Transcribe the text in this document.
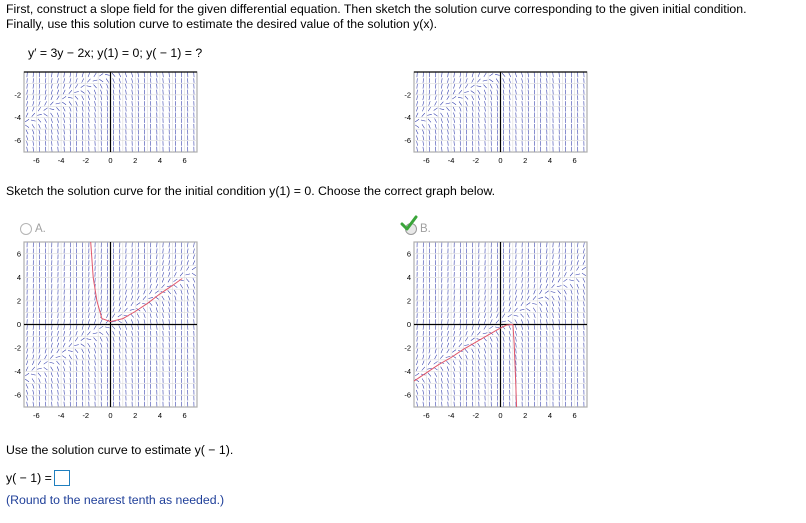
First, construct a slope field for the given differential equation. Then sketch the solution curve corresponding to the given initial condition.
Finally, use this solution curve to estimate the desired value of the solution y(x).
y′ = 3y − 2x; y(1) = 0; y( − 1) = ?
-6 -4 -2	0	2	4	6
-2
-4
-6
-6 -4 -2	0	2	4	6
-2
-4
-6
Sketch the solution curve for the initial condition y(1) = 0. Choose the correct graph below.
A.	B.
-6 -4 -2	0	2	4	6
6
4
2
0
-2
-4
-6
-6 -4 -2	0	2	4	6
6
4
2
0
-2
-4
-6
Use the solution curve to estimate y( − 1).
y( − 1) =
(Round to the nearest tenth as needed.)
